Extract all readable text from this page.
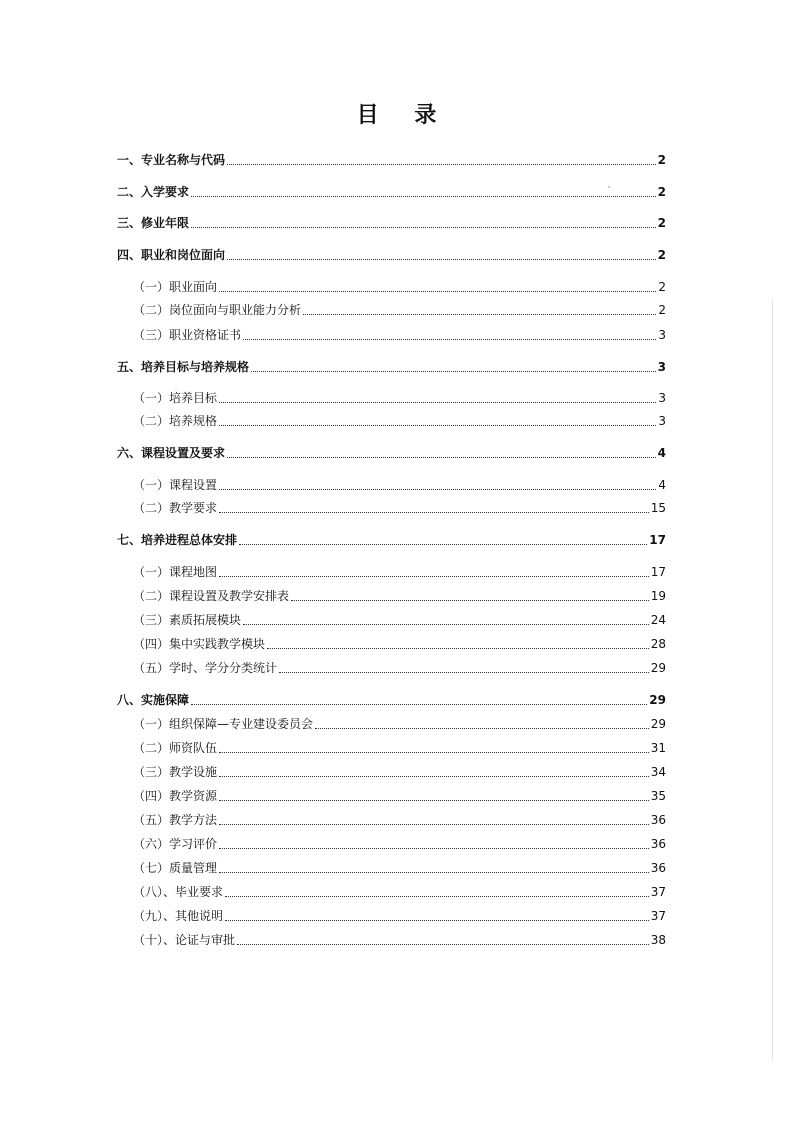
目 录
一、专业名称与代码	2
二、入学要求	2
三、修业年限	2
四、职业和岗位面向	2
（一）职业面向	2
（二）岗位面向与职业能力分析	2
（三）职业资格证书	3
五、培养目标与培养规格	3
（一）培养目标	3
（二）培养规格	3
六、课程设置及要求	4
（一）课程设置	4
（二）教学要求	15
七、培养进程总体安排	17
（一）课程地图	17
（二）课程设置及教学安排表	19
（三）素质拓展模块	24
（四）集中实践教学模块	28
（五）学时、学分分类统计	29
八、实施保障	29
（一）组织保障—专业建设委员会	29
（二）师资队伍	31
（三）教学设施	34
（四）教学资源	35
（五）教学方法	36
（六）学习评价	36
（七）质量管理	36
（八）、毕业要求	37
（九）、其他说明	37
（十）、论证与审批	38
